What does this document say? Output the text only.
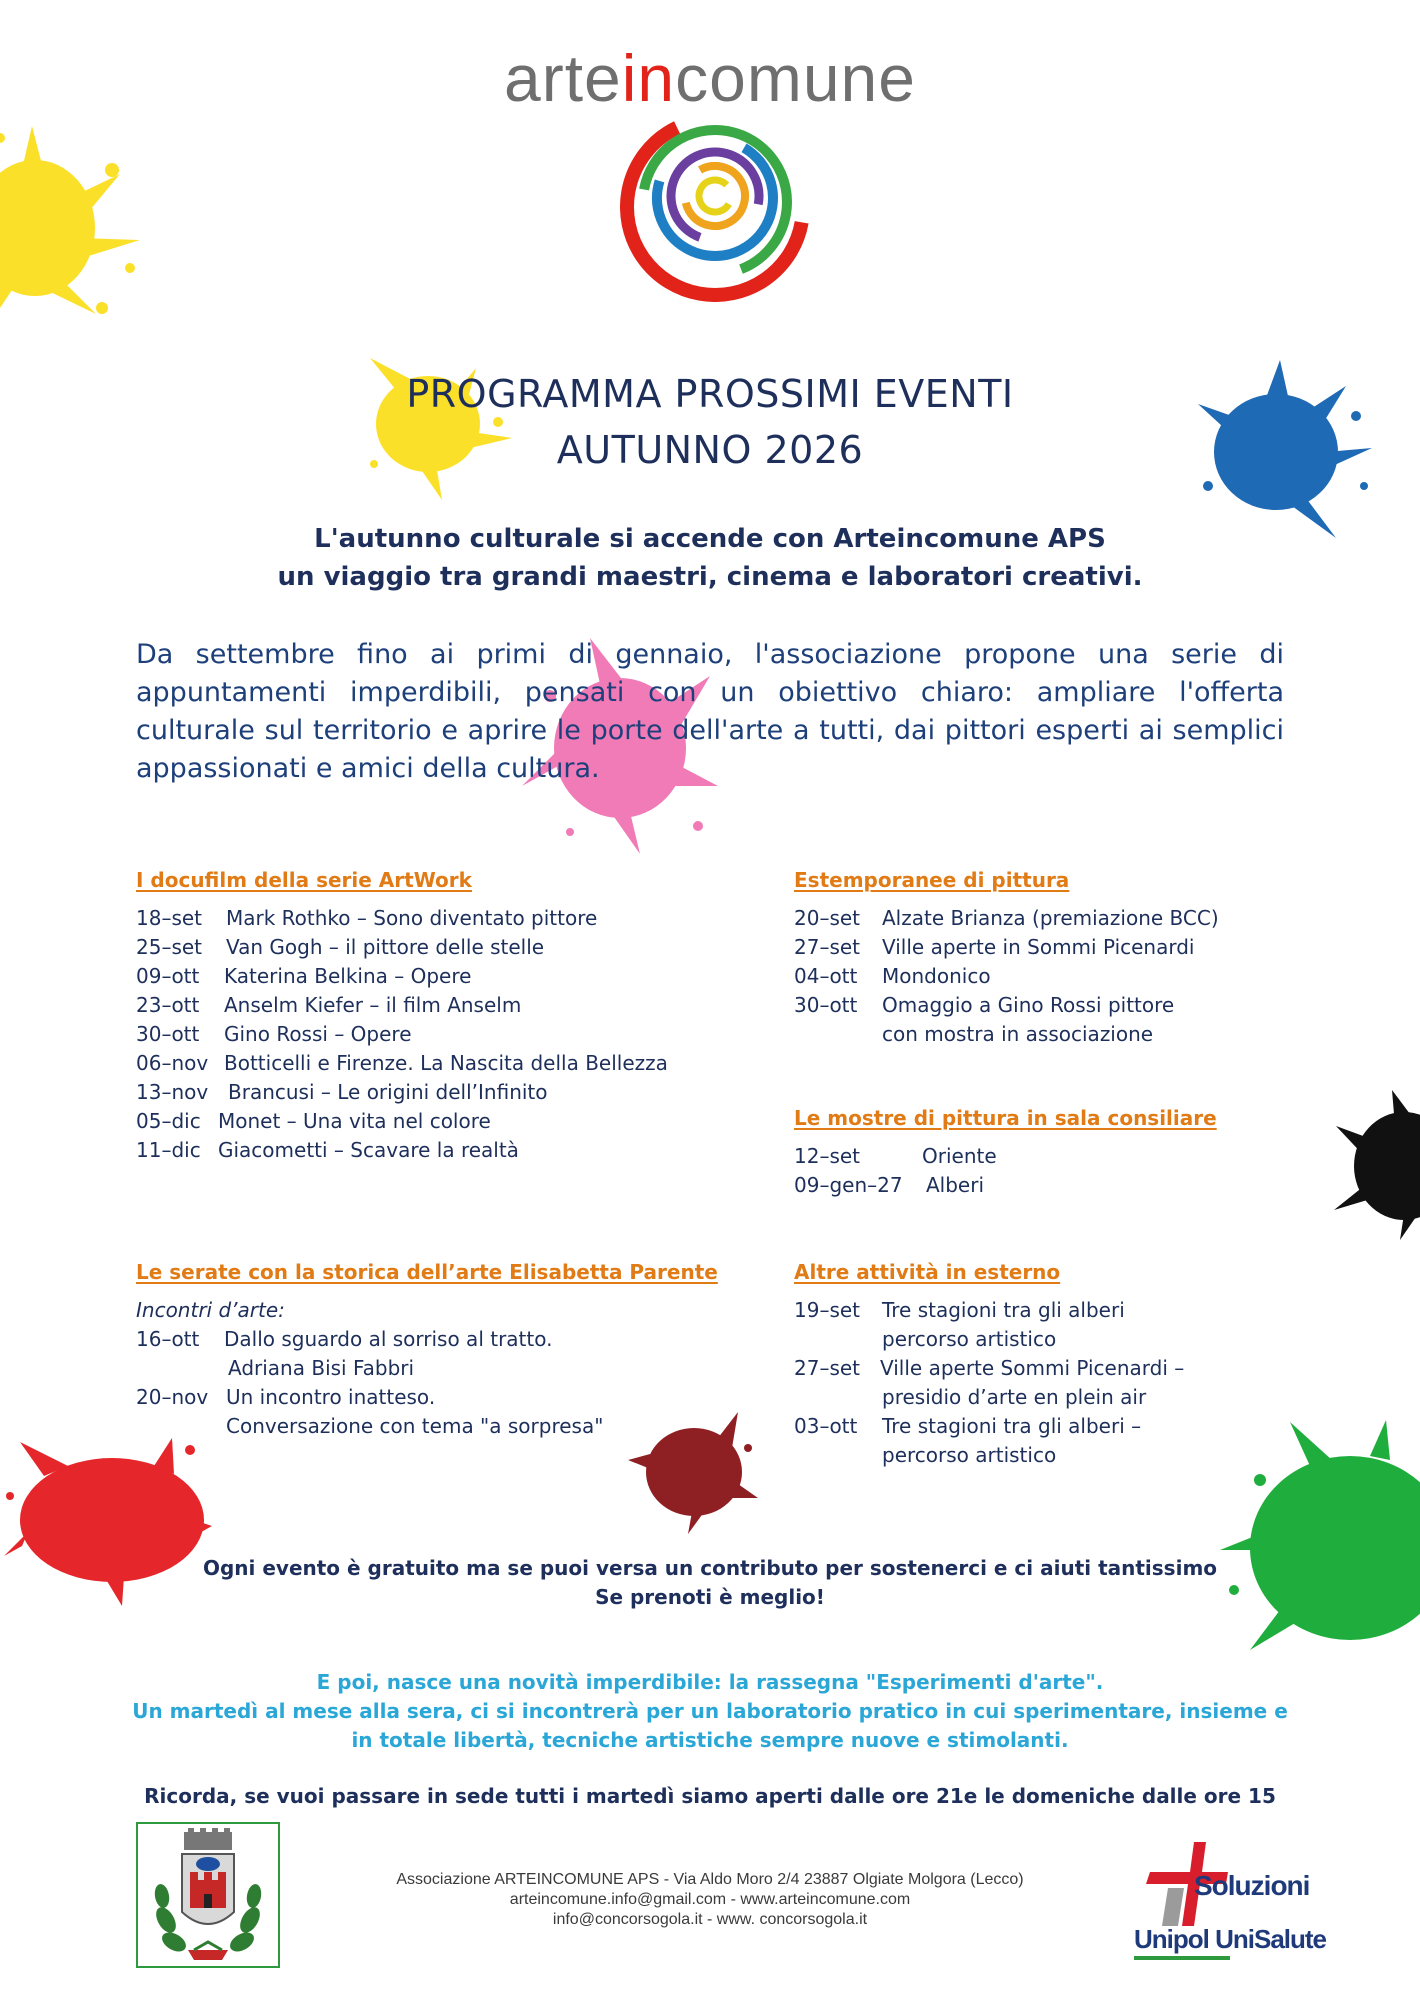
arteincomune
PROGRAMMA PROSSIMI EVENTI
AUTUNNO 2026
L'autunno culturale si accende con Arteincomune APS
un viaggio tra grandi maestri, cinema e laboratori creativi.
Da settembre fino ai primi di gennaio, l'associazione propone una serie di appuntamenti imperdibili, pensati con un obiettivo chiaro: ampliare l'offerta culturale sul territorio e aprire le porte dell'arte a tutti, dai pittori esperti ai semplici appassionati e amici della cultura.
I docufilm della serie ArtWork
18–set Mark Rothko – Sono diventato pittore
25–set Van Gogh – il pittore delle stelle
09–ott Katerina Belkina – Opere
23–ott Anselm Kiefer – il film Anselm
30–ott Gino Rossi – Opere
06–nov Botticelli e Firenze. La Nascita della Bellezza
13–nov Brancusi – Le origini dell’Infinito
05–dic Monet – Una vita nel colore
11–dic Giacometti – Scavare la realtà
Estemporanee di pittura
20–set Alzate Brianza (premiazione BCC)
27–set Ville aperte in Sommi Picenardi
04–ott Mondonico
30–ott Omaggio a Gino Rossi pittore
con mostra in associazione
Le mostre di pittura in sala consiliare
12–set	Oriente
09–gen–27 Alberi
Le serate con la storica dell’arte Elisabetta Parente
Incontri d’arte:
16–ott Dallo sguardo al sorriso al tratto.
Adriana Bisi Fabbri
20–nov Un incontro inatteso.
Conversazione con tema "a sorpresa"
Altre attività in esterno
19–set Tre stagioni tra gli alberi
percorso artistico
27–set Ville aperte Sommi Picenardi –
presidio d’arte en plein air
03–ott Tre stagioni tra gli alberi –
percorso artistico
Ogni evento è gratuito ma se puoi versa un contributo per sostenerci e ci aiuti tantissimo
Se prenoti è meglio!
E poi, nasce una novità imperdibile: la rassegna "Esperimenti d'arte".
Un martedì al mese alla sera, ci si incontrerà per un laboratorio pratico in cui sperimentare, insieme e
in totale libertà, tecniche artistiche sempre nuove e stimolanti.
Ricorda, se vuoi passare in sede tutti i martedì siamo aperti dalle ore 21e le domeniche dalle ore 15
Associazione ARTEINCOMUNE APS - Via Aldo Moro 2/4 23887 Olgiate Molgora (Lecco)
arteincomune.info@gmail.com - www.arteincomune.com
info@concorsogola.it - www. concorsogola.it
Soluzioni
Unipol UniSalute
